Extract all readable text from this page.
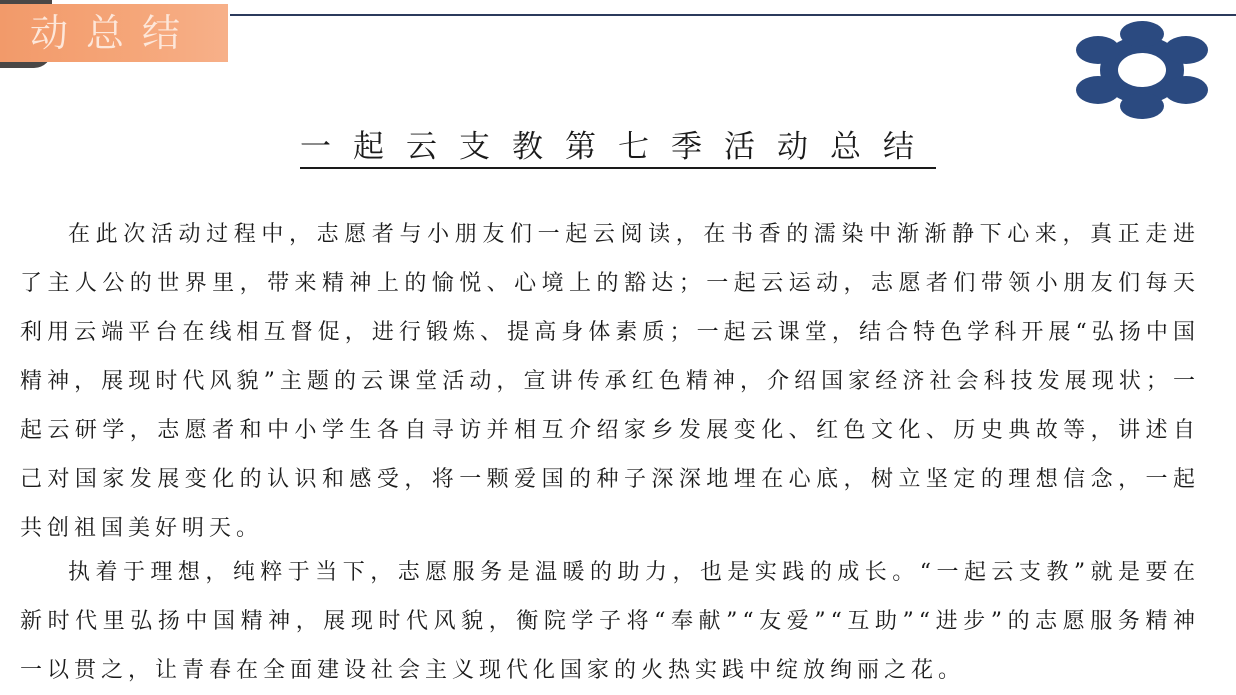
动总结
一起云支教第七季活动总结

在此次活动过程中，志愿者与小朋友们一起云阅读，在书香的濡染中渐渐静下心来，真正走进了主人公的世界里，带来精神上的愉悦、心境上的豁达；一起云运动，志愿者们带领小朋友们每天利用云端平台在线相互督促，进行锻炼、提高身体素质；一起云课堂，结合特色学科开展“弘扬中国精神，展现时代风貌”主题的云课堂活动，宣讲传承红色精神，介绍国家经济社会科技发展现状；一起云研学，志愿者和中小学生各自寻访并相互介绍家乡发展变化、红色文化、历史典故等，讲述自己对国家发展变化的认识和感受，将一颗爱国的种子深深地埋在心底，树立坚定的理想信念，一起共创祖国美好明天。

执着于理想，纯粹于当下，志愿服务是温暖的助力，也是实践的成长。“一起云支教”就是要在新时代里弘扬中国精神，展现时代风貌，衡院学子将“奉献”“友爱”“互助”“进步”的志愿服务精神一以贯之，让青春在全面建设社会主义现代化国家的火热实践中绽放绚丽之花。
